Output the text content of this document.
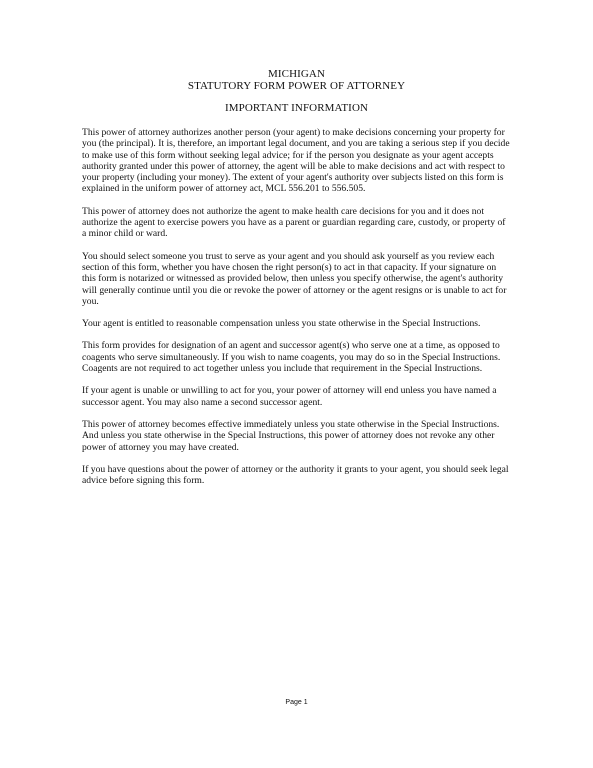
MICHIGAN
STATUTORY FORM POWER OF ATTORNEY
IMPORTANT INFORMATION

This power of attorney authorizes another person (your agent) to make decisions concerning your property for you (the principal). It is, therefore, an important legal document, and you are taking a serious step if you decide to make use of this form without seeking legal advice; for if the person you designate as your agent accepts authority granted under this power of attorney, the agent will be able to make decisions and act with respect to your property (including your money). The extent of your agent's authority over subjects listed on this form is explained in the uniform power of attorney act, MCL 556.201 to 556.505.

This power of attorney does not authorize the agent to make health care decisions for you and it does not authorize the agent to exercise powers you have as a parent or guardian regarding care, custody, or property of a minor child or ward.

You should select someone you trust to serve as your agent and you should ask yourself as you review each section of this form, whether you have chosen the right person(s) to act in that capacity. If your signature on this form is notarized or witnessed as provided below, then unless you specify otherwise, the agent's authority will generally continue until you die or revoke the power of attorney or the agent resigns or is unable to act for you.

Your agent is entitled to reasonable compensation unless you state otherwise in the Special Instructions.

This form provides for designation of an agent and successor agent(s) who serve one at a time, as opposed to coagents who serve simultaneously. If you wish to name coagents, you may do so in the Special Instructions. Coagents are not required to act together unless you include that requirement in the Special Instructions.

If your agent is unable or unwilling to act for you, your power of attorney will end unless you have named a successor agent. You may also name a second successor agent.

This power of attorney becomes effective immediately unless you state otherwise in the Special Instructions. And unless you state otherwise in the Special Instructions, this power of attorney does not revoke any other power of attorney you may have created.

If you have questions about the power of attorney or the authority it grants to your agent, you should seek legal advice before signing this form.

Page 1
